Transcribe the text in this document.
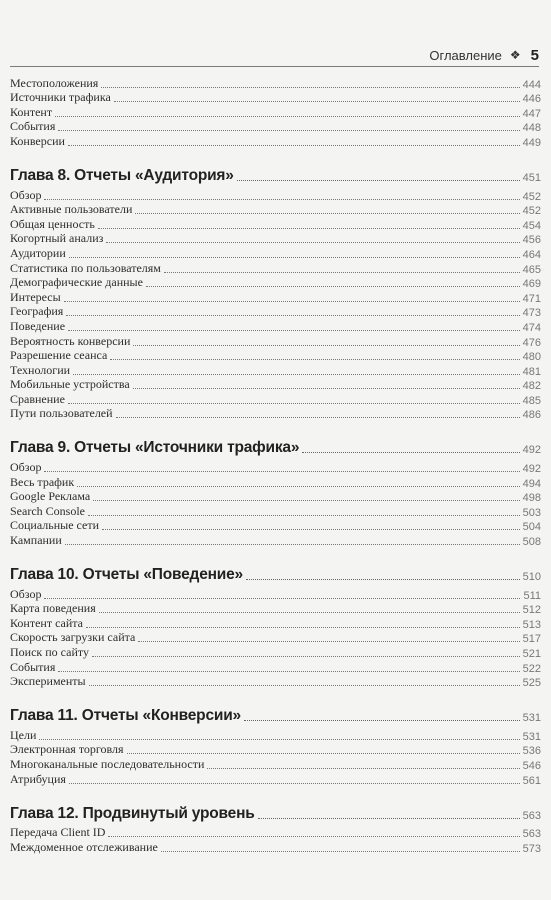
Оглавление ❖ 5
Местоположения	444
Источники трафика	446
Контент	447
События	448
Конверсии	449
Глава 8. Отчеты «Аудитория»	451
Обзор	452
Активные пользователи	452
Общая ценность	454
Когортный анализ	456
Аудитории	464
Статистика по пользователям	465
Демографические данные	469
Интересы	471
География	473
Поведение	474
Вероятность конверсии	476
Разрешение сеанса	480
Технологии	481
Мобильные устройства	482
Сравнение	485
Пути пользователей	486
Глава 9. Отчеты «Источники трафика»	492
Обзор	492
Весь трафик	494
Google Реклама	498
Search Console	503
Социальные сети	504
Кампании	508
Глава 10. Отчеты «Поведение»	510
Обзор	511
Карта поведения	512
Контент сайта	513
Скорость загрузки сайта	517
Поиск по сайту	521
События	522
Эксперименты	525
Глава 11. Отчеты «Конверсии»	531
Цели	531
Электронная торговля	536
Многоканальные последовательности	546
Атрибуция	561
Глава 12. Продвинутый уровень	563
Передача Client ID	563
Междоменное отслеживание	573
